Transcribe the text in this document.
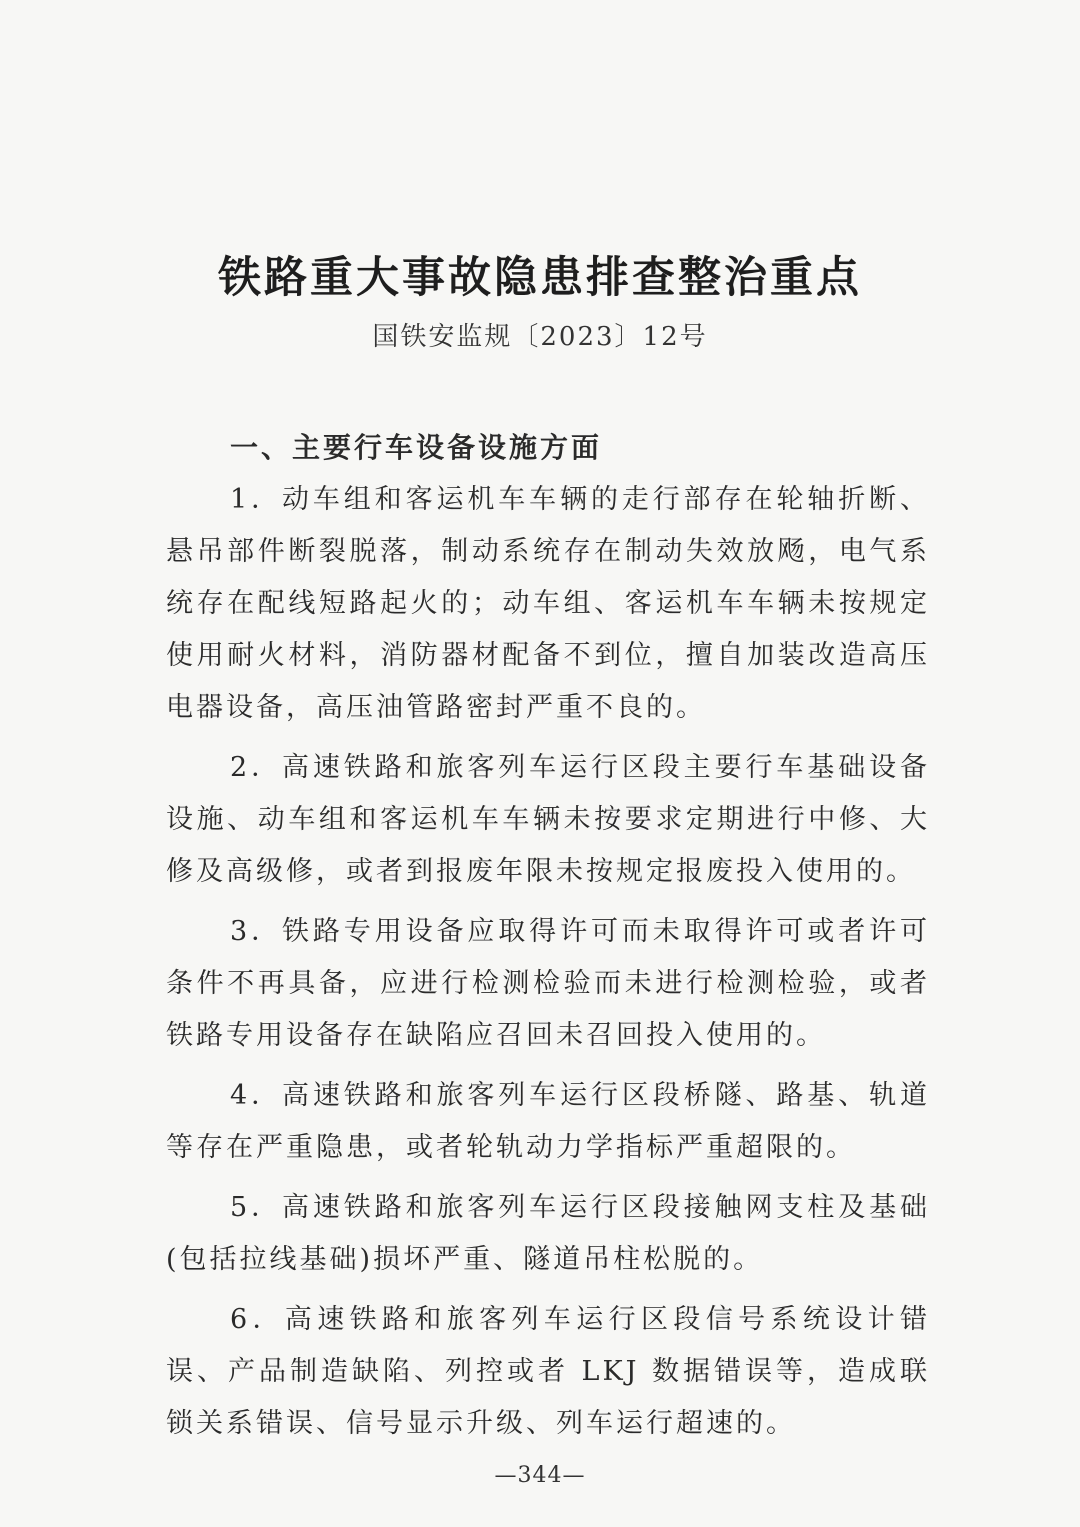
铁路重大事故隐患排查整治重点
国铁安监规〔2023〕12号
一、主要行车设备设施方面

1．动车组和客运机车车辆的走行部存在轮轴折断、悬吊部件断裂脱落，制动系统存在制动失效放飏，电气系统存在配线短路起火的；动车组、客运机车车辆未按规定使用耐火材料，消防器材配备不到位，擅自加装改造高压电器设备，高压油管路密封严重不良的。

2．高速铁路和旅客列车运行区段主要行车基础设备设施、动车组和客运机车车辆未按要求定期进行中修、大修及高级修，或者到报废年限未按规定报废投入使用的。

3．铁路专用设备应取得许可而未取得许可或者许可条件不再具备，应进行检测检验而未进行检测检验，或者铁路专用设备存在缺陷应召回未召回投入使用的。

4．高速铁路和旅客列车运行区段桥隧、路基、轨道等存在严重隐患，或者轮轨动力学指标严重超限的。

5．高速铁路和旅客列车运行区段接触网支柱及基础(包括拉线基础)损坏严重、隧道吊柱松脱的。

6．高速铁路和旅客列车运行区段信号系统设计错误、产品制造缺陷、列控或者 LKJ 数据错误等，造成联锁关系错误、信号显示升级、列车运行超速的。

—344—
